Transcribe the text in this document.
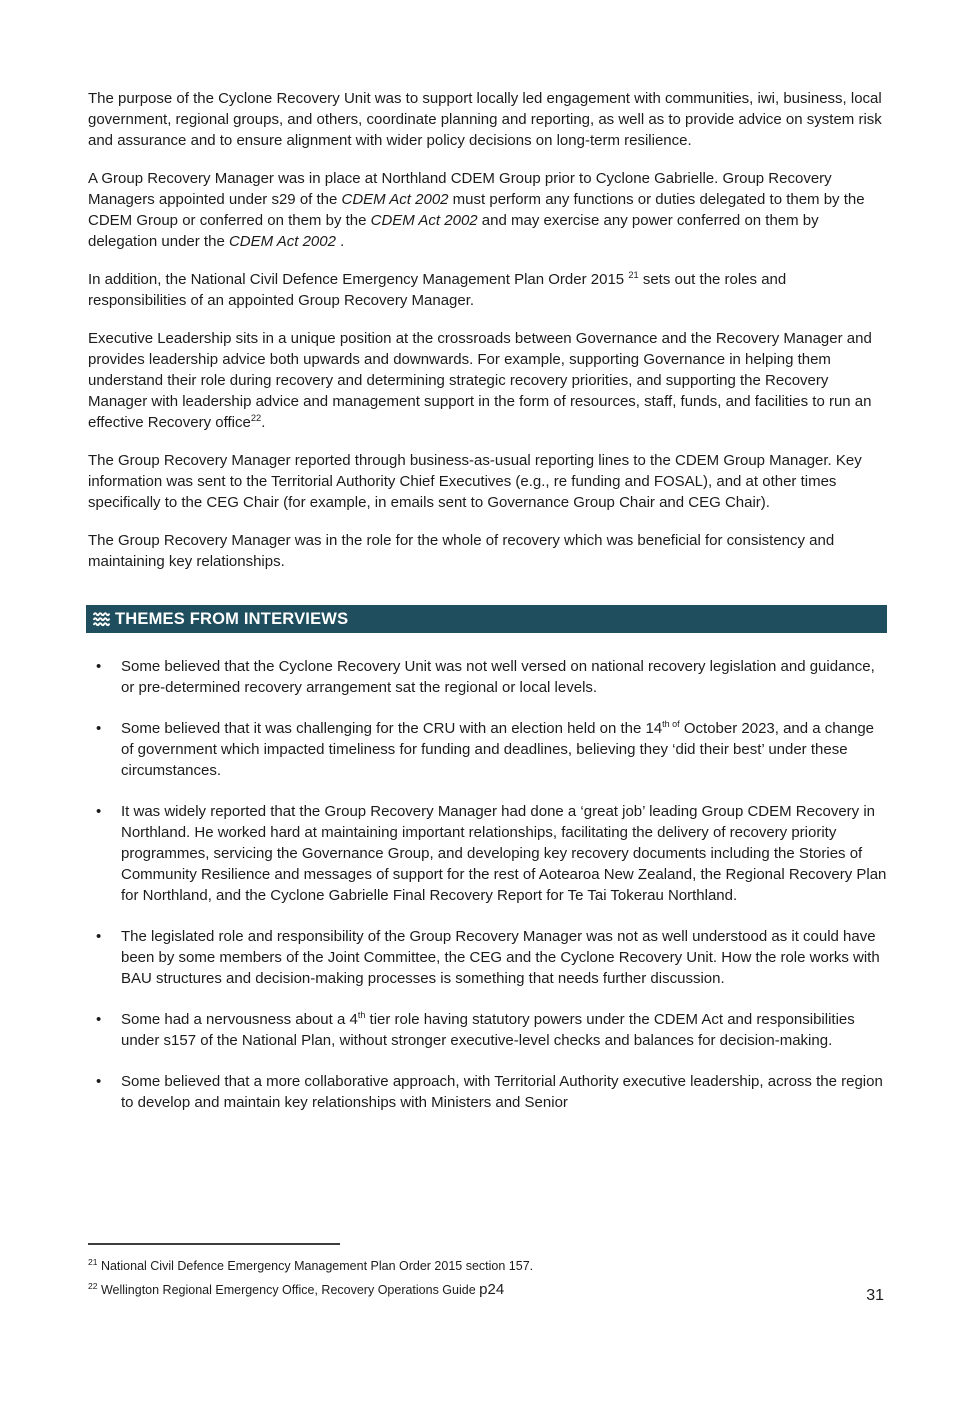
The purpose of the Cyclone Recovery Unit was to support locally led engagement with communities, iwi, business, local government, regional groups, and others, coordinate planning and reporting, as well as to provide advice on system risk and assurance and to ensure alignment with wider policy decisions on long-term resilience.

A Group Recovery Manager was in place at Northland CDEM Group prior to Cyclone Gabrielle. Group Recovery Managers appointed under s29 of the CDEM Act 2002 must perform any functions or duties delegated to them by the CDEM Group or conferred on them by the CDEM Act 2002 and may exercise any power conferred on them by delegation under the CDEM Act 2002 .

In addition, the National Civil Defence Emergency Management Plan Order 2015 $^{21}$ sets out the roles and responsibilities of an appointed Group Recovery Manager.

Executive Leadership sits in a unique position at the crossroads between Governance and the Recovery Manager and provides leadership advice both upwards and downwards. For example, supporting Governance in helping them understand their role during recovery and determining strategic recovery priorities, and supporting the Recovery Manager with leadership advice and management support in the form of resources, staff, funds, and facilities to run an effective Recovery office$^{22}$.

The Group Recovery Manager reported through business-as-usual reporting lines to the CDEM Group Manager. Key information was sent to the Territorial Authority Chief Executives (e.g., re funding and FOSAL), and at other times specifically to the CEG Chair (for example, in emails sent to Governance Group Chair and CEG Chair).

The Group Recovery Manager was in the role for the whole of recovery which was beneficial for consistency and maintaining key relationships.

THEMES FROM INTERVIEWS
•	Some believed that the Cyclone Recovery Unit was not well versed on national recovery legislation and guidance, or pre-determined recovery arrangement sat the regional or local levels.
•	Some believed that it was challenging for the CRU with an election held on the $14^{th of}$ October 2023, and a change of government which impacted timeliness for funding and deadlines, believing they ‘did their best’ under these circumstances.
•	It was widely reported that the Group Recovery Manager had done a ‘great job’ leading Group CDEM Recovery in Northland. He worked hard at maintaining important relationships, facilitating the delivery of recovery priority programmes, servicing the Governance Group, and developing key recovery documents including the Stories of Community Resilience and messages of support for the rest of Aotearoa New Zealand, the Regional Recovery Plan for Northland, and the Cyclone Gabrielle Final Recovery Report for Te Tai Tokerau Northland.
•	The legislated role and responsibility of the Group Recovery Manager was not as well understood as it could have been by some members of the Joint Committee, the CEG and the Cyclone Recovery Unit. How the role works with BAU structures and decision-making processes is something that needs further discussion.
•	Some had a nervousness about a 4th tier role having statutory powers under the CDEM Act and responsibilities under s157 of the National Plan, without stronger executive-level checks and balances for decision-making.
•	Some believed that a more collaborative approach, with Territorial Authority executive leadership, across the region to develop and maintain key relationships with Ministers and Senior
$^{21}$ National Civil Defence Emergency Management Plan Order 2015 section 157.
$^{22}$ Wellington Regional Emergency Office, Recovery Operations Guide p24	31
